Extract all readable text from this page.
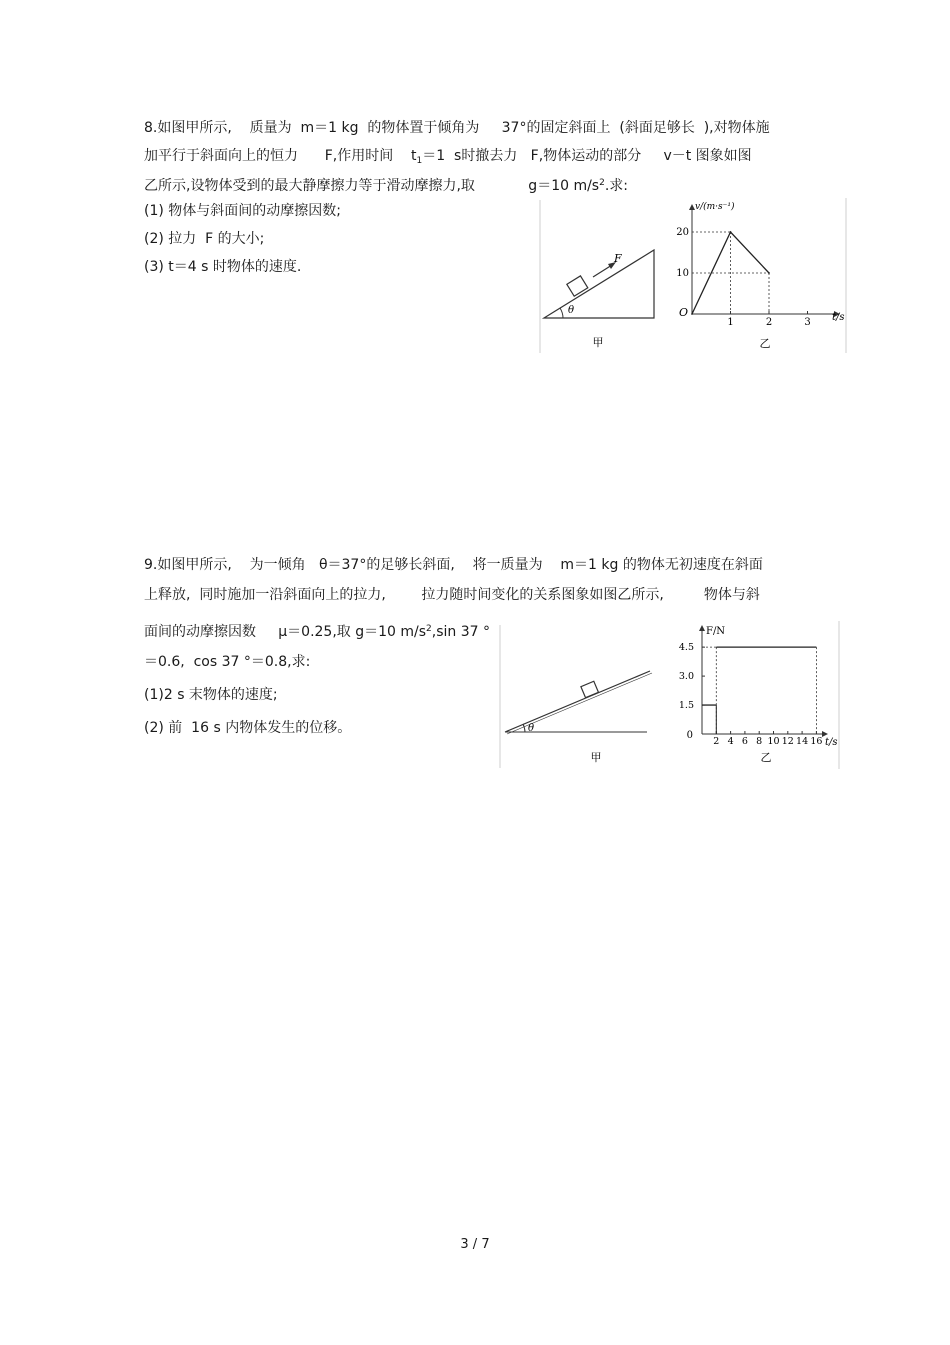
8.如图甲所示,    质量为  m＝1 kg  的物体置于倾角为     37°的固定斜面上  (斜面足够长  ),对物体施
加平行于斜面向上的恒力      F,作用时间    $t_1=1$  s时撤去力   F,物体运动的部分     v－t 图象如图
乙所示,设物体受到的最大静摩擦力等于滑动摩擦力,取            g＝10 $m/s^2$.求:
(1) 物体与斜面间的动摩擦因数;
(2) 拉力  F 的大小;
(3) t＝4 s 时物体的速度.
F
θ
甲
v/(m·s⁻¹)
t/s
O
10
20
1	2	3
乙
9.如图甲所示,    为一倾角   θ＝37°的足够长斜面,    将一质量为    m＝1 kg 的物体无初速度在斜面
上释放,  同时施加一沿斜面向上的拉力,        拉力随时间变化的关系图象如图乙所示,         物体与斜
面间的动摩擦因数     μ＝0.25,取 g＝10 $m/s^2,\sin$ 37 °
＝0.6,  cos 37 °＝0.8,求:
(1)2 s 末物体的速度;
(2) 前  16 s 内物体发生的位移。	θ
甲
F/N
t/s
0
1.5
3.0
4.5
2 4 6 8 10 12 14 16
乙
3 / 7
